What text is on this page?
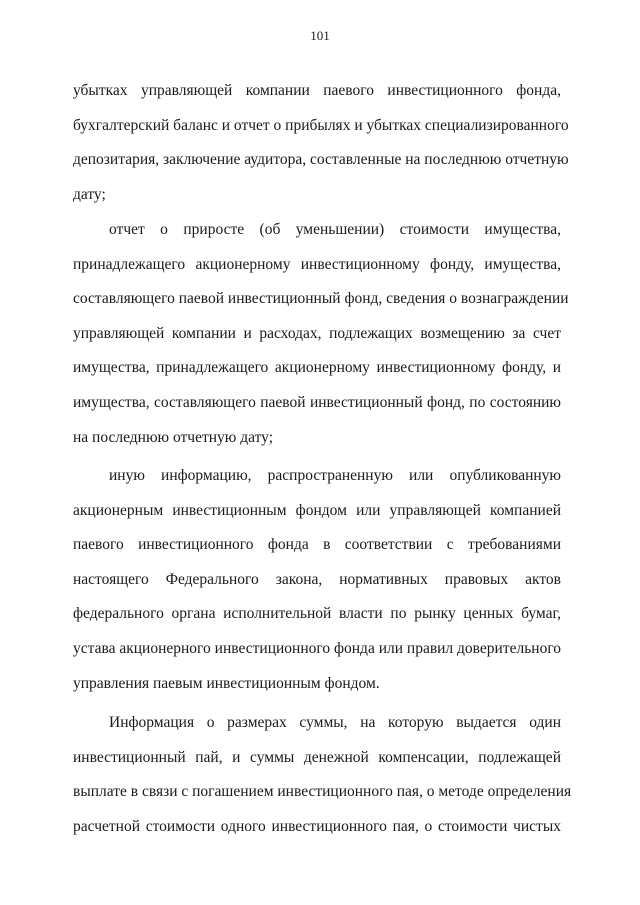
101
убытках управляющей компании паевого инвестиционного фонда,
бухгалтерский баланс и отчет о прибылях и убытках специализированного
депозитария, заключение аудитора, составленные на последнюю отчетную
дату;
отчет о приросте (об уменьшении) стоимости имущества,
принадлежащего акционерному инвестиционному фонду, имущества,
составляющего паевой инвестиционный фонд, сведения о вознаграждении
управляющей компании и расходах, подлежащих возмещению за счет
имущества, принадлежащего акционерному инвестиционному фонду, и
имущества, составляющего паевой инвестиционный фонд, по состоянию
на последнюю отчетную дату;
иную информацию, распространенную или опубликованную
акционерным инвестиционным фондом или управляющей компанией
паевого инвестиционного фонда в соответствии с требованиями
настоящего Федерального закона, нормативных правовых актов
федерального органа исполнительной власти по рынку ценных бумаг,
устава акционерного инвестиционного фонда или правил доверительного
управления паевым инвестиционным фондом.
Информация о размерах суммы, на которую выдается один
инвестиционный пай, и суммы денежной компенсации, подлежащей
выплате в связи с погашением инвестиционного пая, о методе определения
расчетной стоимости одного инвестиционного пая, о стоимости чистых
